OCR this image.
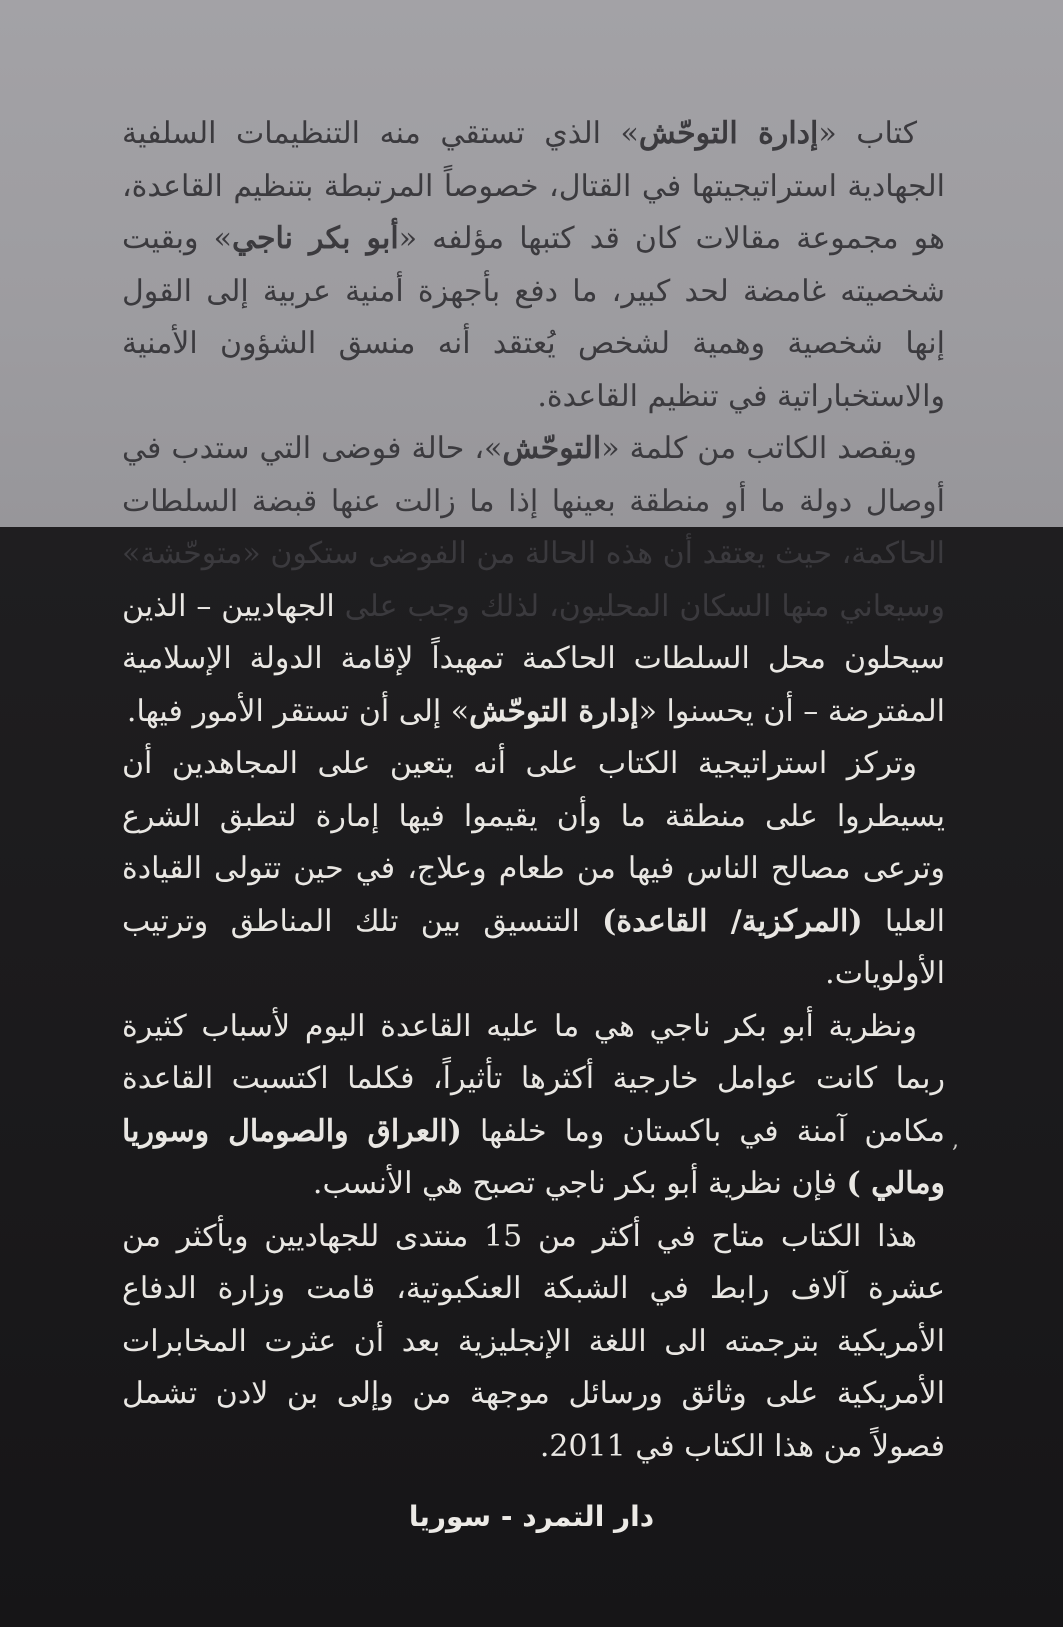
كتاب «إدارة التوحّش» الذي تستقي منه التنظيمات السلفية الجهادية استراتيجيتها في القتال، خصوصاً المرتبطة بتنظيم القاعدة، هو مجموعة مقالات كان قد كتبها مؤلفه «أبو بكر ناجي» وبقيت شخصيته غامضة لحد كبير، ما دفع بأجهزة أمنية عربية إلى القول إنها شخصية وهمية لشخص يُعتقد أنه منسق الشؤون الأمنية والاستخباراتية في تنظيم القاعدة.

ويقصد الكاتب من كلمة «التوحّش»، حالة فوضى التي ستدب في أوصال دولة ما أو منطقة بعينها إذا ما زالت عنها قبضة السلطات الحاكمة، حيث يعتقد أن هذه الحالة من الفوضى ستكون «متوحّشة» وسيعاني منها السكان المحليون، لذلك وجب على الجهاديين – الذين سيحلون محل السلطات الحاكمة تمهيداً لإقامة الدولة الإسلامية المفترضة – أن يحسنوا «إدارة التوحّش» إلى أن تستقر الأمور فيها.

وتركز استراتيجية الكتاب على أنه يتعين على المجاهدين أن يسيطروا على منطقة ما وأن يقيموا فيها إمارة لتطبق الشرع وترعى مصالح الناس فيها من طعام وعلاج، في حين تتولى القيادة العليا (المركزية/ القاعدة) التنسيق بين تلك المناطق وترتيب الأولويات.

ونظرية أبو بكر ناجي هي ما عليه القاعدة اليوم لأسباب كثيرة ربما كانت عوامل خارجية أكثرها تأثيراً، فكلما اكتسبت القاعدة مكامن آمنة في باكستان وما خلفها (العراق والصومال وسوريا ومالي ) فإن نظرية أبو بكر ناجي تصبح هي الأنسب.

هذا الكتاب متاح في أكثر من 15 منتدى للجهاديين وبأكثر من عشرة آلاف رابط في الشبكة العنكبوتية، قامت وزارة الدفاع الأمريكية بترجمته الى اللغة الإنجليزية بعد أن عثرت المخابرات الأمريكية على وثائق ورسائل موجهة من وإلى بن لادن تشمل فصولاً من هذا الكتاب في 2011.

,
دار التمرد - سوريا
